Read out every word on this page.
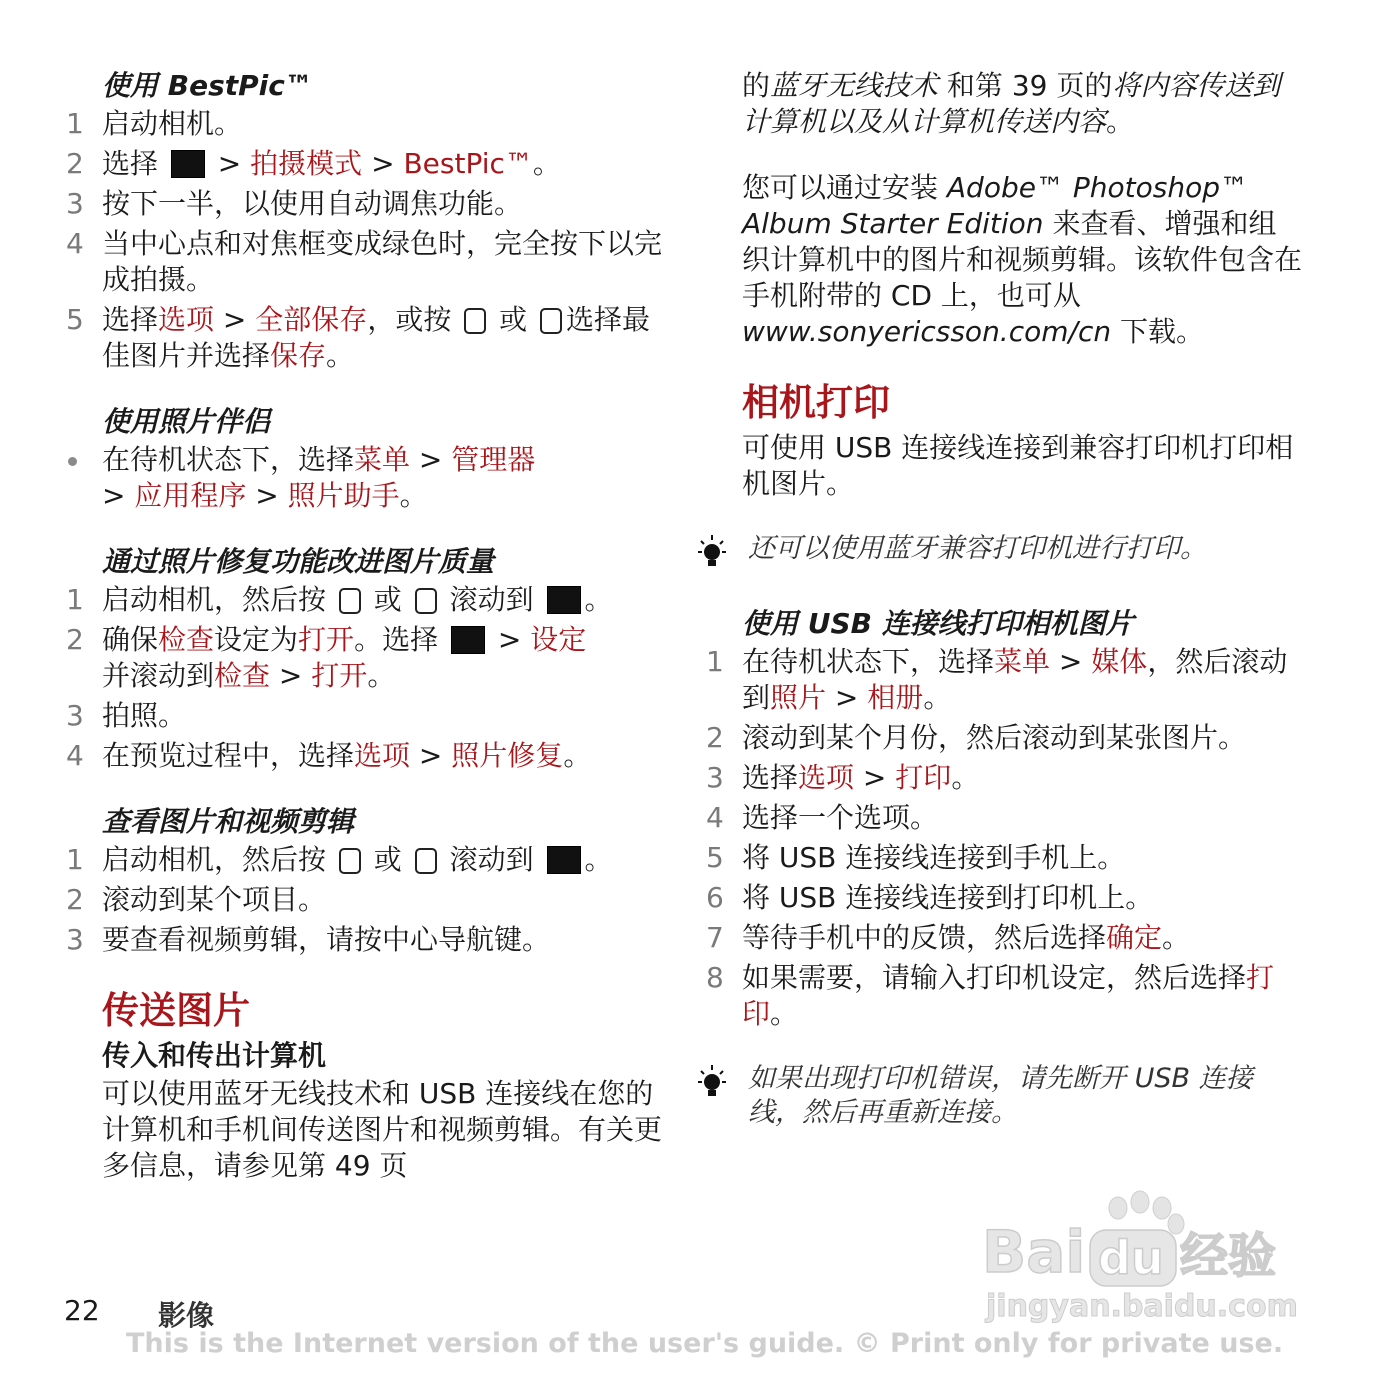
使用 BestPic™
1 启动相机。
2 选择  > 拍摄模式 > BestPic™。
3 按下一半，以使用自动调焦功能。
4 当中心点和对焦框变成绿色时，完全按下以完成拍摄。
5 选择选项 > 全部保存，或按  或 选择最佳图片并选择保存。
使用照片伴侣
在待机状态下，选择菜单 > 管理器
> 应用程序 > 照片助手。
通过照片修复功能改进图片质量
1 启动相机，然后按  或  滚动到 。
2 确保检查设定为打开。选择  > 设定
并滚动到检查 > 打开。
3 拍照。
4 在预览过程中，选择选项 > 照片修复。
查看图片和视频剪辑
1 启动相机，然后按  或  滚动到 。
2 滚动到某个项目。
3 要查看视频剪辑，请按中心导航键。
传送图片
传入和传出计算机
可以使用蓝牙无线技术和 USB 连接线在您的计算机和手机间传送图片和视频剪辑。有关更多信息，请参见第 49 页
的蓝牙无线技术 和第 39 页的将内容传送到计算机以及从计算机传送内容。
您可以通过安装 Adobe™ Photoshop™ Album Starter Edition 来查看、增强和组织计算机中的图片和视频剪辑。该软件包含在手机附带的 CD 上，也可从 www.sonyericsson.com/cn 下载。
相机打印
可使用 USB 连接线连接到兼容打印机打印相机图片。
还可以使用蓝牙兼容打印机进行打印。
使用 USB 连接线打印相机图片
1 在待机状态下，选择菜单 > 媒体，然后滚动到照片 > 相册。
2 滚动到某个月份，然后滚动到某张图片。
3 选择选项 > 打印。
4 选择一个选项。
5 将 USB 连接线连接到手机上。
6 将 USB 连接线连接到打印机上。
7 等待手机中的反馈，然后选择确定。
8 如果需要，请输入打印机设定，然后选择打印。
如果出现打印机错误，请先断开 USB 连接线，然后再重新连接。
Bai du 经验
jingyan.baidu.com
22 影像
This is the Internet version of the user's guide. © Print only for private use.
